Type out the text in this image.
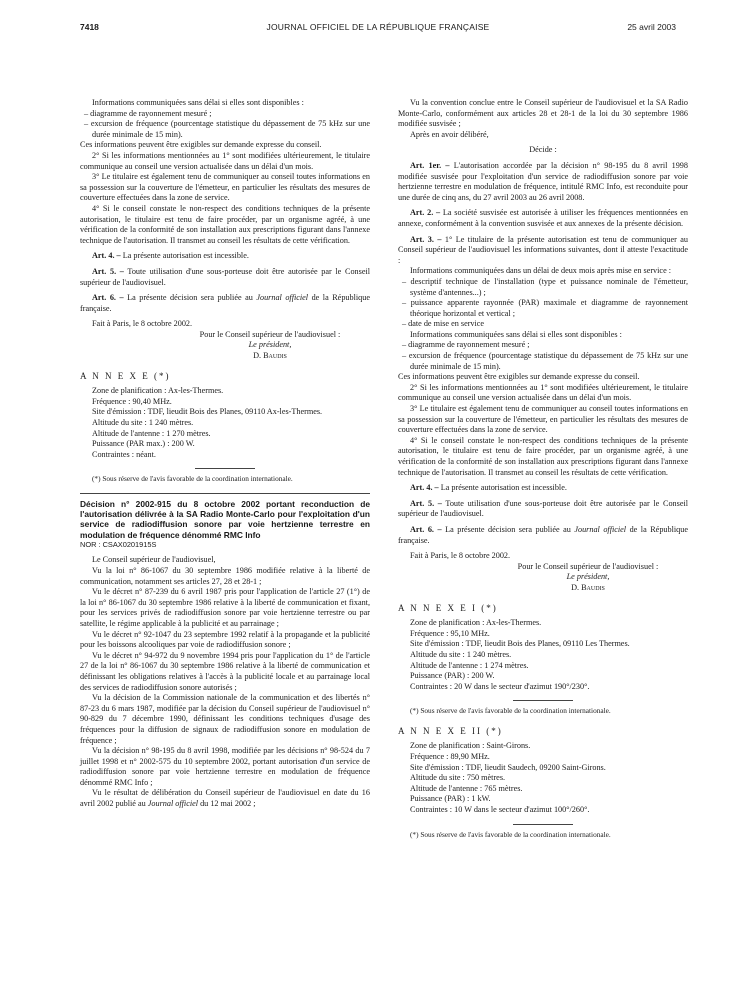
7418	JOURNAL OFFICIEL DE LA RÉPUBLIQUE FRANÇAISE	25 avril 2003

Informations communiquées sans délai si elles sont disponibles :

– diagramme de rayonnement mesuré ;

– excursion de fréquence (pourcentage statistique du dépassement de 75 kHz sur une durée minimale de 15 min).

Ces informations peuvent être exigibles sur demande expresse du conseil.

2° Si les informations mentionnées au 1° sont modifiées ultérieurement, le titulaire communique au conseil une version actualisée dans un délai d'un mois.

3° Le titulaire est également tenu de communiquer au conseil toutes informations en sa possession sur la couverture de l'émetteur, en particulier les résultats des mesures de couverture effectuées dans la zone de service.

4° Si le conseil constate le non-respect des conditions techniques de la présente autorisation, le titulaire est tenu de faire procéder, par un organisme agréé, à une vérification de la conformité de son installation aux prescriptions figurant dans l'annexe technique de l'autorisation. Il transmet au conseil les résultats de cette vérification.

Art. 4. – La présente autorisation est incessible.

Art. 5. – Toute utilisation d'une sous-porteuse doit être autorisée par le Conseil supérieur de l'audiovisuel.

Art. 6. – La présente décision sera publiée au Journal officiel de la République française.

Fait à Paris, le 8 octobre 2002.

Pour le Conseil supérieur de l'audiovisuel :

Le président,

D. Baudis

A N N E X E (*)

Zone de planification : Ax-les-Thermes.

Fréquence : 90,40 MHz.

Site d'émission : TDF, lieudit Bois des Planes, 09110 Ax-les-Thermes.

Altitude du site : 1 240 mètres.

Altitude de l'antenne : 1 270 mètres.

Puissance (PAR max.) : 200 W.

Contraintes : néant.

(*) Sous réserve de l'avis favorable de la coordination internationale.

Décision n° 2002-915 du 8 octobre 2002 portant reconduction de l'autorisation délivrée à la SA Radio Monte-Carlo pour l'exploitation d'un service de radiodiffusion sonore par voie hertzienne terrestre en modulation de fréquence dénommé RMC Info

NOR : CSAX0201915S

Le Conseil supérieur de l'audiovisuel,

Vu la loi n° 86-1067 du 30 septembre 1986 modifiée relative à la liberté de communication, notamment ses articles 27, 28 et 28-1 ;

Vu le décret n° 87-239 du 6 avril 1987 pris pour l'application de l'article 27 (1°) de la loi n° 86-1067 du 30 septembre 1986 relative à la liberté de communication et fixant, pour les services privés de radiodiffusion sonore par voie hertzienne terrestre ou par satellite, le régime applicable à la publicité et au parrainage ;

Vu le décret n° 92-1047 du 23 septembre 1992 relatif à la propagande et la publicité pour les boissons alcooliques par voie de radiodiffusion sonore ;

Vu le décret n° 94-972 du 9 novembre 1994 pris pour l'application du 1° de l'article 27 de la loi n° 86-1067 du 30 septembre 1986 relative à la liberté de communication et définissant les obligations relatives à l'accès à la publicité locale et au parrainage local des services de radiodiffusion sonore autorisés ;

Vu la décision de la Commission nationale de la communication et des libertés n° 87-23 du 6 mars 1987, modifiée par la décision du Conseil supérieur de l'audiovisuel n° 90-829 du 7 décembre 1990, définissant les conditions techniques d'usage des fréquences pour la diffusion de signaux de radiodiffusion sonore en modulation de fréquence ;

Vu la décision n° 98-195 du 8 avril 1998, modifiée par les décisions n° 98-524 du 7 juillet 1998 et n° 2002-575 du 10 septembre 2002, portant autorisation d'un service de radiodiffusion sonore par voie hertzienne terrestre en modulation de fréquence dénommé RMC Info ;

Vu le résultat de délibération du Conseil supérieur de l'audiovisuel en date du 16 avril 2002 publié au Journal officiel du 12 mai 2002 ;

Vu la convention conclue entre le Conseil supérieur de l'audiovisuel et la SA Radio Monte-Carlo, conformément aux articles 28 et 28-1 de la loi du 30 septembre 1986 modifiée susvisée ;

Après en avoir délibéré,

Décide :

Art. 1er. – L'autorisation accordée par la décision n° 98-195 du 8 avril 1998 modifiée susvisée pour l'exploitation d'un service de radiodiffusion sonore par voie hertzienne terrestre en modulation de fréquence, intitulé RMC Info, est reconduite pour une durée de cinq ans, du 27 avril 2003 au 26 avril 2008.

Art. 2. – La société susvisée est autorisée à utiliser les fréquences mentionnées en annexe, conformément à la convention susvisée et aux annexes de la présente décision.

Art. 3. – 1° Le titulaire de la présente autorisation est tenu de communiquer au Conseil supérieur de l'audiovisuel les informations suivantes, dont il atteste l'exactitude :

Informations communiquées dans un délai de deux mois après mise en service :

– descriptif technique de l'installation (type et puissance nominale de l'émetteur, système d'antennes...) ;

– puissance apparente rayonnée (PAR) maximale et diagramme de rayonnement théorique horizontal et vertical ;

– date de mise en service

Informations communiquées sans délai si elles sont disponibles :

– diagramme de rayonnement mesuré ;

– excursion de fréquence (pourcentage statistique du dépassement de 75 kHz sur une durée minimale de 15 min).

Ces informations peuvent être exigibles sur demande expresse du conseil.

2° Si les informations mentionnées au 1° sont modifiées ultérieurement, le titulaire communique au conseil une version actualisée dans un délai d'un mois.

3° Le titulaire est également tenu de communiquer au conseil toutes informations en sa possession sur la couverture de l'émetteur, en particulier les résultats des mesures de couverture effectuées dans la zone de service.

4° Si le conseil constate le non-respect des conditions techniques de la présente autorisation, le titulaire est tenu de faire procéder, par un organisme agréé, à une vérification de la conformité de son installation aux prescriptions figurant dans l'annexe technique de l'autorisation. Il transmet au conseil les résultats de cette vérification.

Art. 4. – La présente autorisation est incessible.

Art. 5. – Toute utilisation d'une sous-porteuse doit être autorisée par le Conseil supérieur de l'audiovisuel.

Art. 6. – La présente décision sera publiée au Journal officiel de la République française.

Fait à Paris, le 8 octobre 2002.

Pour le Conseil supérieur de l'audiovisuel :

Le président,

D. Baudis

A N N E X E I (*)

Zone de planification : Ax-les-Thermes.

Fréquence : 95,10 MHz.

Site d'émission : TDF, lieudit Bois des Planes, 09110 Les Thermes.

Altitude du site : 1 240 mètres.

Altitude de l'antenne : 1 274 mètres.

Puissance (PAR) : 200 W.

Contraintes : 20 W dans le secteur d'azimut 190°/230°.

(*) Sous réserve de l'avis favorable de la coordination internationale.

A N N E X E II (*)

Zone de planification : Saint-Girons.

Fréquence : 89,90 MHz.

Site d'émission : TDF, lieudit Saudech, 09200 Saint-Girons.

Altitude du site : 750 mètres.

Altitude de l'antenne : 765 mètres.

Puissance (PAR) : 1 kW.

Contraintes : 10 W dans le secteur d'azimut 100°/260°.

(*) Sous réserve de l'avis favorable de la coordination internationale.
